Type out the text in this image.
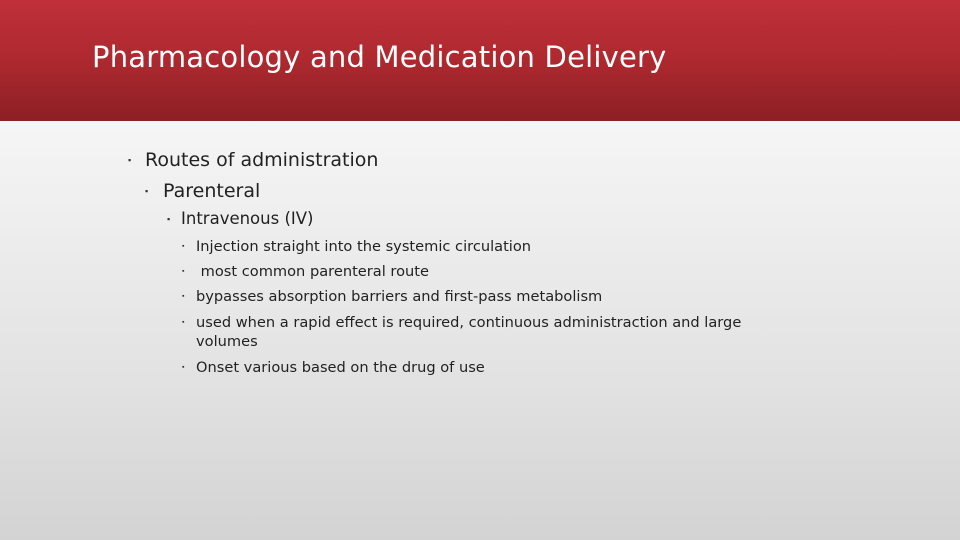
Pharmacology and Medication Delivery
▪ Routes of administration
▪ Parenteral
▪ Intravenous (IV)
▪ Injection straight into the systemic circulation
▪ most common parenteral route
▪ bypasses absorption barriers and first-pass metabolism
▪ used when a rapid effect is required, continuous administraction and large
volumes
▪ Onset various based on the drug of use
